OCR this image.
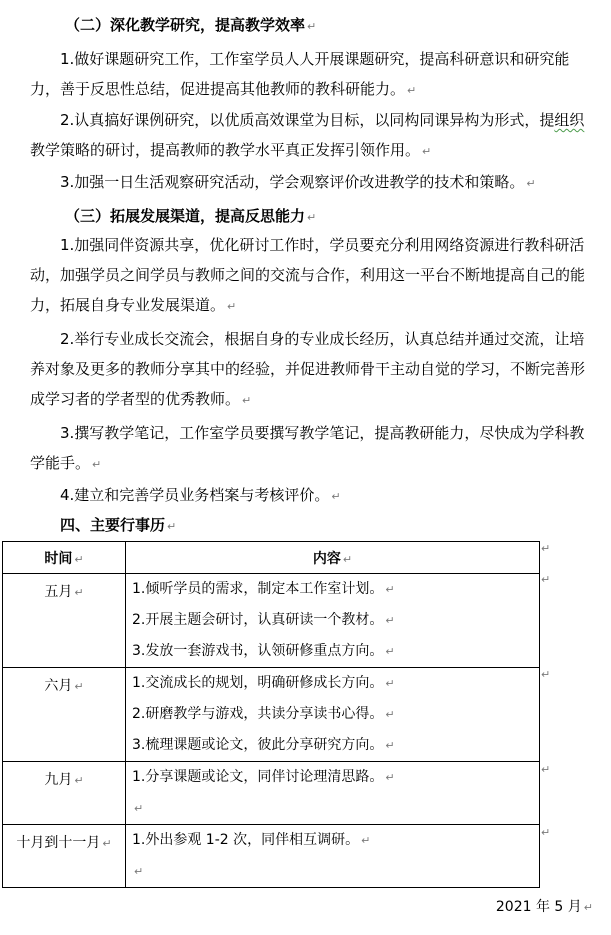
（二）深化教学研究，提高教学效率 ↵
1.做好课题研究工作，工作室学员人人开展课题研究，提高科研意识和研究能力，善于反思性总结，促进提高其他教师的教科研能力。 ↵
2.认真搞好课例研究，以优质高效课堂为目标，以同构同课异构为形式，提组织教学策略的研讨，提高教师的教学水平真正发挥引领作用。 ↵
3.加强一日生活观察研究活动，学会观察评价改进教学的技术和策略。 ↵
（三）拓展发展渠道，提高反思能力 ↵
1.加强同伴资源共享，优化研讨工作时，学员要充分利用网络资源进行教科研活动，加强学员之间学员与教师之间的交流与合作，利用这一平台不断地提高自己的能力，拓展自身专业发展渠道。 ↵
2.举行专业成长交流会，根据自身的专业成长经历，认真总结并通过交流，让培养对象及更多的教师分享其中的经验，并促进教师骨干主动自觉的学习，不断完善形成学习者的学者型的优秀教师。 ↵
3.撰写教学笔记，工作室学员要撰写教学笔记，提高教研能力，尽快成为学科教学能手。 ↵
4.建立和完善学员业务档案与考核评价。 ↵
四、主要行事历 ↵
时间 ↵	内容 ↵
五月 ↵	1.倾听学员的需求，制定本工作室计划。 ↵
2.开展主题会研讨，认真研读一个教材。 ↵
3.发放一套游戏书，认领研修重点方向。 ↵

六月 ↵	1.交流成长的规划，明确研修成长方向。 ↵
2.研磨教学与游戏，共读分享读书心得。 ↵
3.梳理课题或论文，彼此分享研究方向。 ↵

九月 ↵	1.分享课题或论文，同伴讨论理清思路。 ↵
↵

十月到十一月 ↵	1.外出参观 1-2 次，同伴相互调研。 ↵
↵
↵
↵
↵
↵
↵
2021 年 5 月 ↵
